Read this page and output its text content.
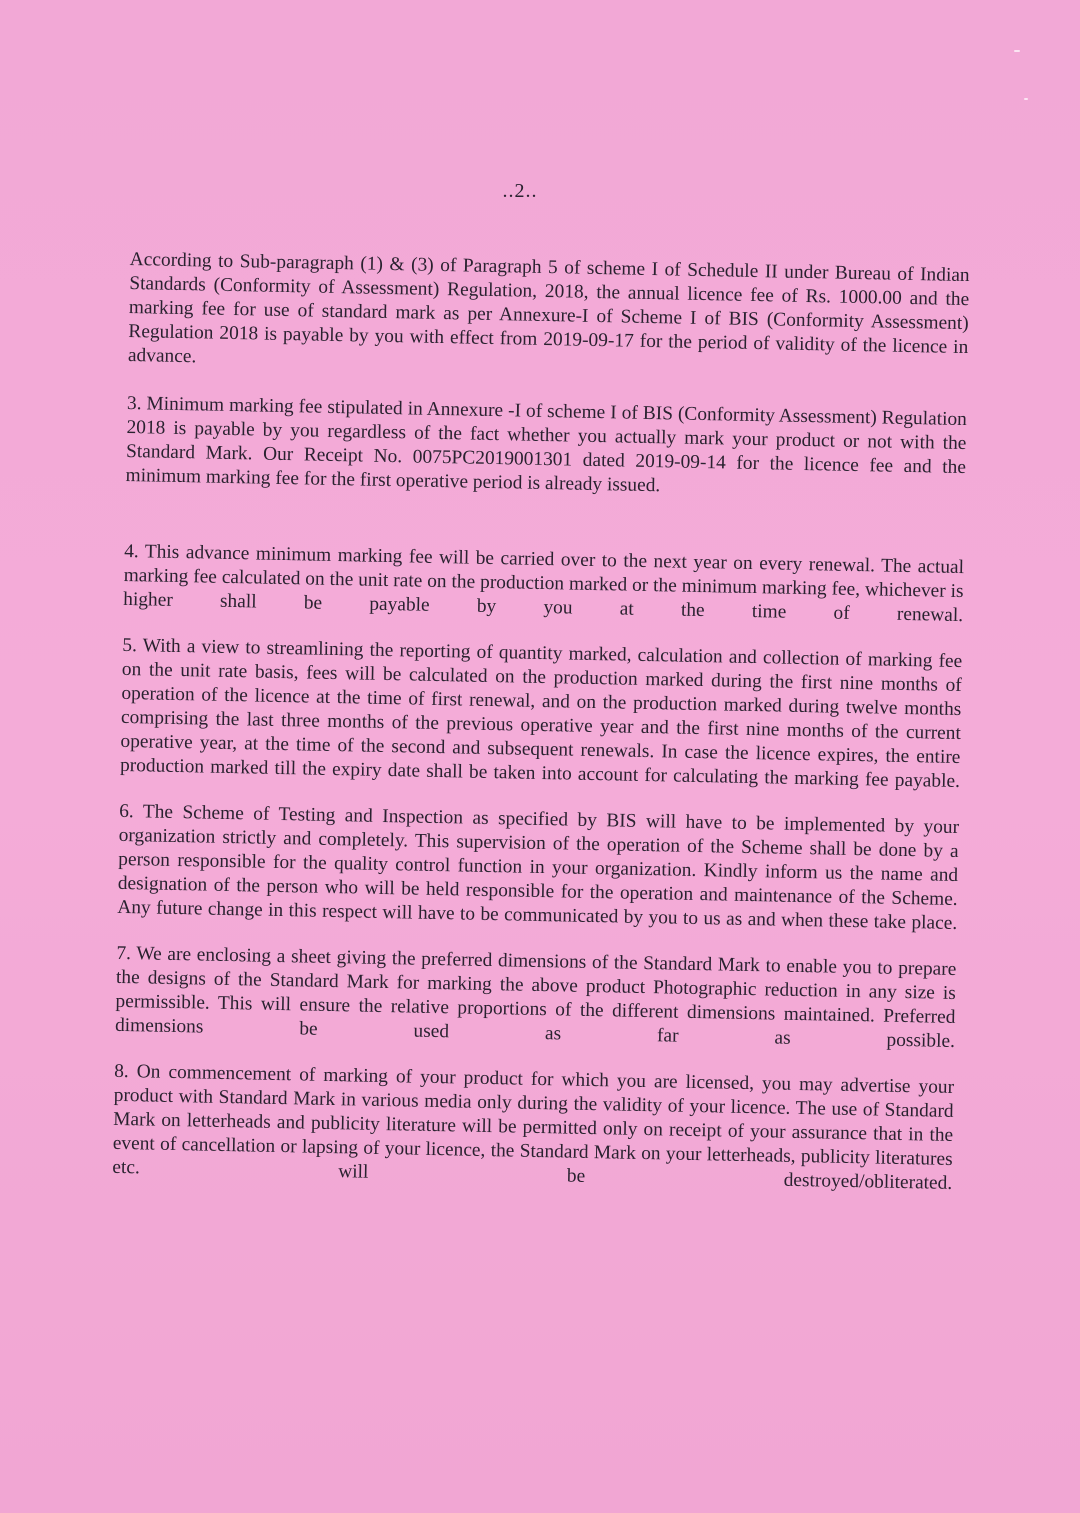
..2..

According to Sub-paragraph (1) & (3) of Paragraph 5 of scheme I of Schedule II under Bureau of Indian Standards (Conformity of Assessment) Regulation, 2018, the annual licence fee of Rs. 1000.00 and the marking fee for use of standard mark as per Annexure-I of Scheme I of BIS (Conformity Assessment) Regulation 2018 is payable by you with effect from 2019-09-17 for the period of validity of the licence in advance.

3. Minimum marking fee stipulated in Annexure -I of scheme I of BIS (Conformity Assessment) Regulation 2018 is payable by you regardless of the fact whether you actually mark your product or not with the Standard Mark. Our Receipt No. 0075PC2019001301 dated 2019-09-14 for the licence fee and the minimum marking fee for the first operative period is already issued.

4. This advance minimum marking fee will be carried over to the next year on every renewal. The actual marking fee calculated on the unit rate on the production marked or the minimum marking fee, whichever is higher shall be payable by you at the time of renewal.

5. With a view to streamlining the reporting of quantity marked, calculation and collection of marking fee on the unit rate basis, fees will be calculated on the production marked during the first nine months of operation of the licence at the time of first renewal, and on the production marked during twelve months comprising the last three months of the previous operative year and the first nine months of the current operative year, at the time of the second and subsequent renewals. In case the licence expires, the entire production marked till the expiry date shall be taken into account for calculating the marking fee payable.

6. The Scheme of Testing and Inspection as specified by BIS will have to be implemented by your organization strictly and completely. This supervision of the operation of the Scheme shall be done by a person responsible for the quality control function in your organization. Kindly inform us the name and designation of the person who will be held responsible for the operation and maintenance of the Scheme. Any future change in this respect will have to be communicated by you to us as and when these take place.

7. We are enclosing a sheet giving the preferred dimensions of the Standard Mark to enable you to prepare the designs of the Standard Mark for marking the above product Photographic reduction in any size is permissible. This will ensure the relative proportions of the different dimensions maintained. Preferred dimensions be used as far as possible.

8. On commencement of marking of your product for which you are licensed, you may advertise your product with Standard Mark in various media only during the validity of your licence. The use of Standard Mark on letterheads and publicity literature will be permitted only on receipt of your assurance that in the event of cancellation or lapsing of your licence, the Standard Mark on your letterheads, publicity literatures etc. will be destroyed/obliterated.
